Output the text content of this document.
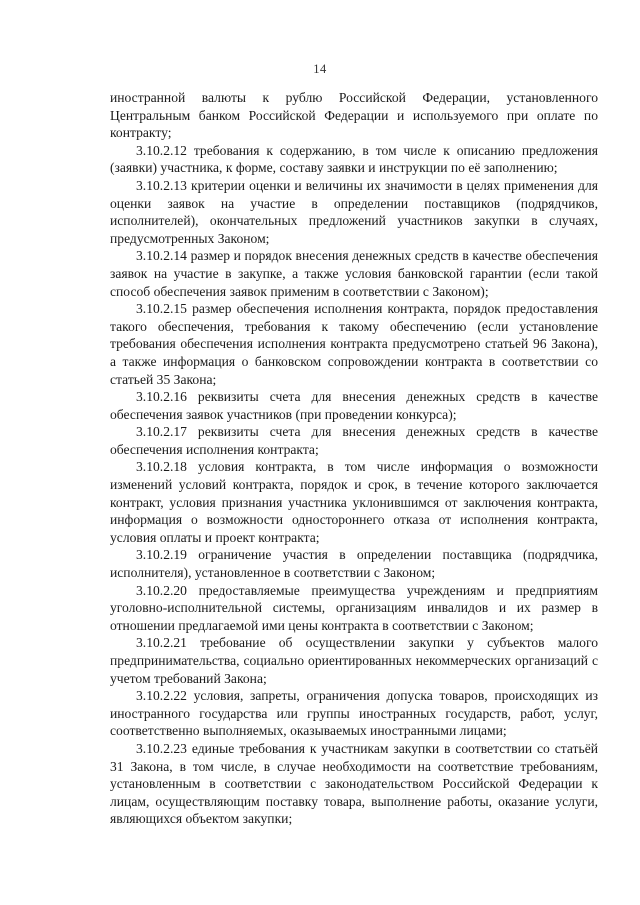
14

иностранной валюты к рублю Российской Федерации, установленного Центральным банком Российской Федерации и используемого при оплате по контракту;

3.10.2.12 требования к содержанию, в том числе к описанию предложения (заявки) участника, к форме, составу заявки и инструкции по её заполнению;

3.10.2.13 критерии оценки и величины их значимости в целях применения для оценки заявок на участие в определении поставщиков (подрядчиков, исполнителей), окончательных предложений участников закупки в случаях, предусмотренных Законом;

3.10.2.14 размер и порядок внесения денежных средств в качестве обеспечения заявок на участие в закупке, а также условия банковской гарантии (если такой способ обеспечения заявок применим в соответствии с Законом);

3.10.2.15 размер обеспечения исполнения контракта, порядок предоставления такого обеспечения, требования к такому обеспечению (если установление требования обеспечения исполнения контракта предусмотрено статьей 96 Закона), а также информация о банковском сопровождении контракта в соответствии со статьей 35 Закона;

3.10.2.16 реквизиты счета для внесения денежных средств в качестве обеспечения заявок участников (при проведении конкурса);

3.10.2.17 реквизиты счета для внесения денежных средств в качестве обеспечения исполнения контракта;

3.10.2.18 условия контракта, в том числе информация о возможности изменений условий контракта, порядок и срок, в течение которого заключается контракт, условия признания участника уклонившимся от заключения контракта, информация о возможности одностороннего отказа от исполнения контракта, условия оплаты и проект контракта;

3.10.2.19 ограничение участия в определении поставщика (подрядчика, исполнителя), установленное в соответствии с Законом;

3.10.2.20 предоставляемые преимущества учреждениям и предприятиям уголовно-исполнительной системы, организациям инвалидов и их размер в отношении предлагаемой ими цены контракта в соответствии с Законом;

3.10.2.21 требование об осуществлении закупки у субъектов малого предпринимательства, социально ориентированных некоммерческих организаций с учетом требований Закона;

3.10.2.22 условия, запреты, ограничения допуска товаров, происходящих из иностранного государства или группы иностранных государств, работ, услуг, соответственно выполняемых, оказываемых иностранными лицами;

3.10.2.23 единые требования к участникам закупки в соответствии со статьёй 31 Закона, в том числе, в случае необходимости на соответствие требованиям, установленным в соответствии с законодательством Российской Федерации к лицам, осуществляющим поставку товара, выполнение работы, оказание услуги, являющихся объектом закупки;
